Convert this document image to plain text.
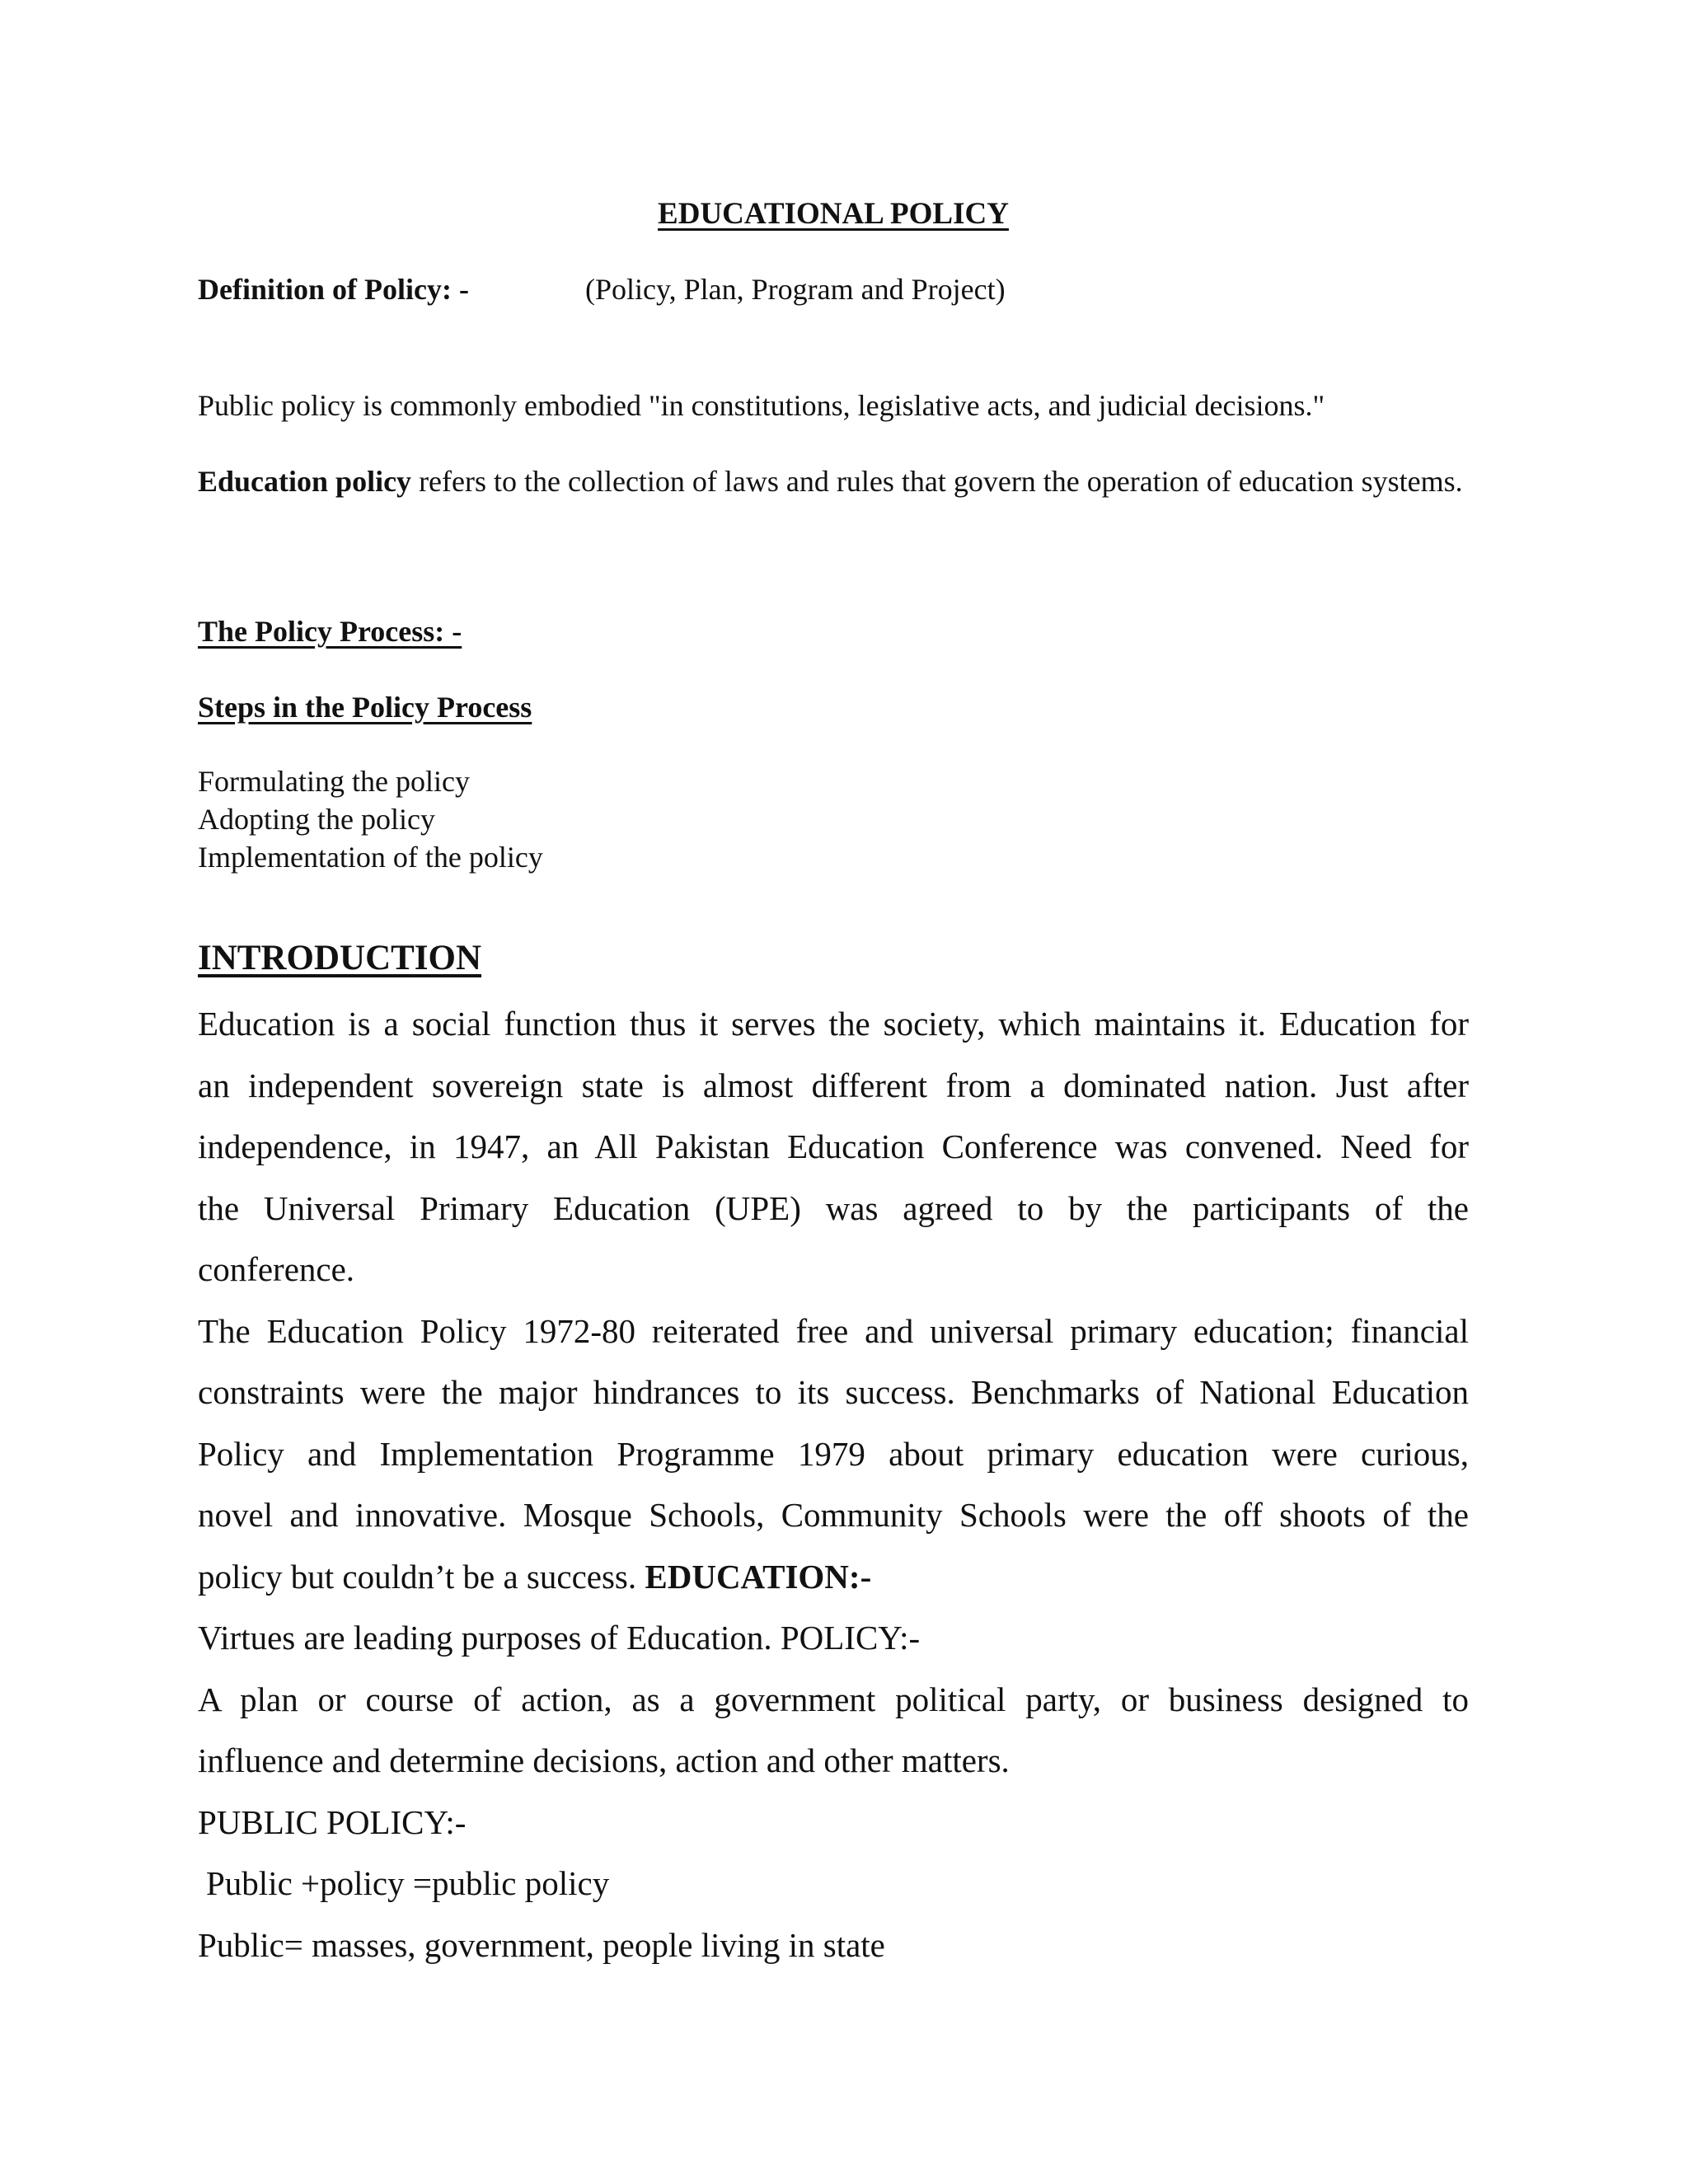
EDUCATIONAL POLICY
Definition of Policy: -	(Policy, Plan, Program and Project)
Public policy is commonly embodied "in constitutions, legislative acts, and judicial decisions."
Education policy refers to the collection of laws and rules that govern the operation of education systems.
The Policy Process: -
Steps in the Policy Process
Formulating the policy
Adopting the policy
Implementation of the policy
INTRODUCTION
Education is a social function thus it serves the society, which maintains it. Education for
an independent sovereign state is almost different from a dominated nation. Just after
independence, in 1947, an All Pakistan Education Conference was convened. Need for
the Universal Primary Education (UPE) was agreed to by the participants of the
conference.
The Education Policy 1972-80 reiterated free and universal primary education; financial
constraints were the major hindrances to its success. Benchmarks of National Education
Policy and Implementation Programme 1979 about primary education were curious,
novel and innovative. Mosque Schools, Community Schools were the off shoots of the
policy but couldn’t be a success. EDUCATION:-
Virtues are leading purposes of Education. POLICY:-
A plan or course of action, as a government political party, or business designed to
influence and determine decisions, action and other matters.
PUBLIC POLICY:-
Public +policy =public policy
Public= masses, government, people living in state
